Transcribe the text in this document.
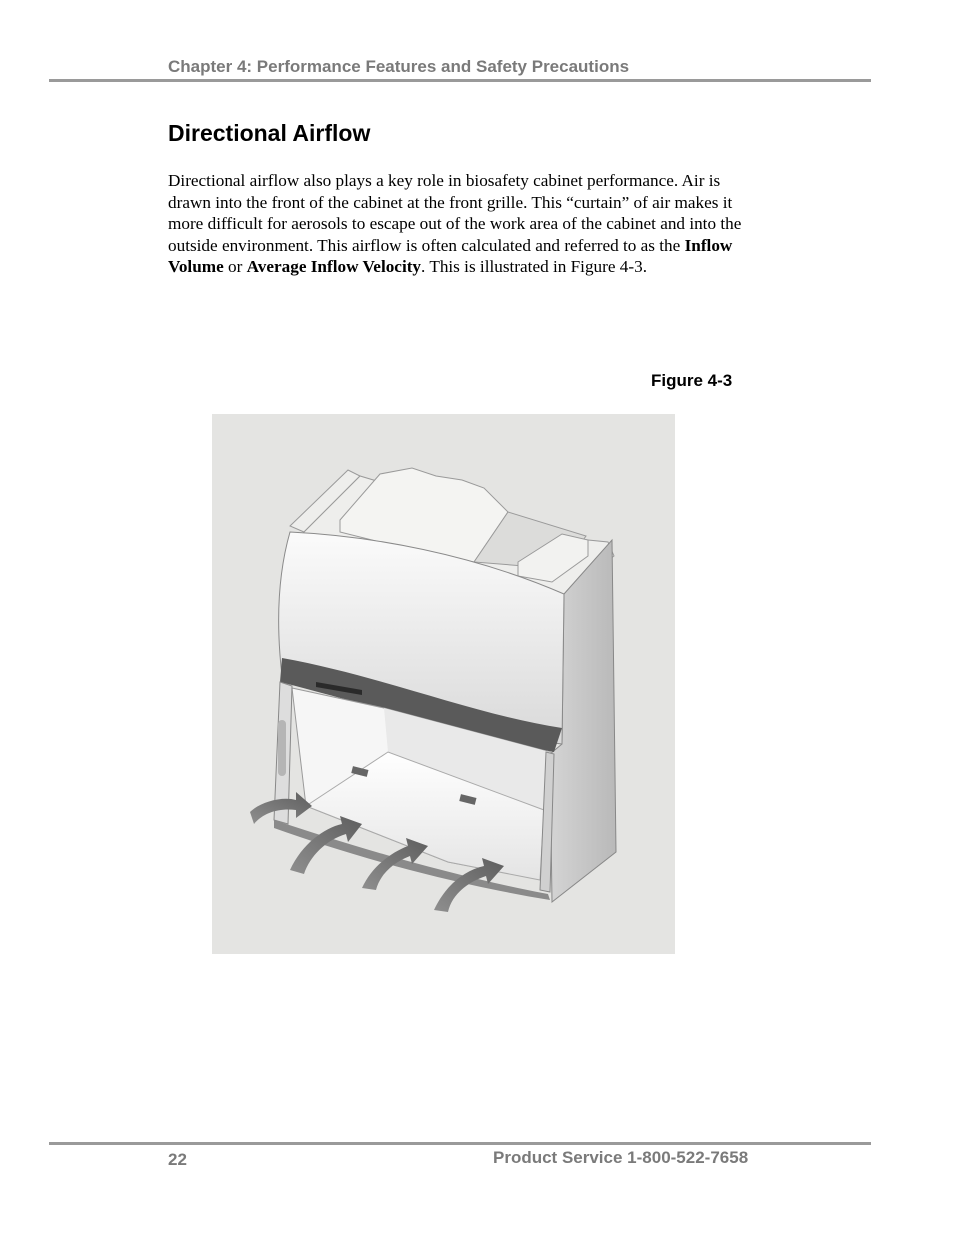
Chapter 4: Performance Features and Safety Precautions
Directional Airflow

Directional airflow also plays a key role in biosafety cabinet performance. Air is drawn into the front of the cabinet at the front grille. This “curtain” of air makes it more difficult for aerosols to escape out of the work area of the cabinet and into the outside environment. This airflow is often calculated and referred to as the Inflow Volume or Average Inflow Velocity. This is illustrated in Figure 4-3.

Figure 4-3
22	Product Service 1-800-522-7658
